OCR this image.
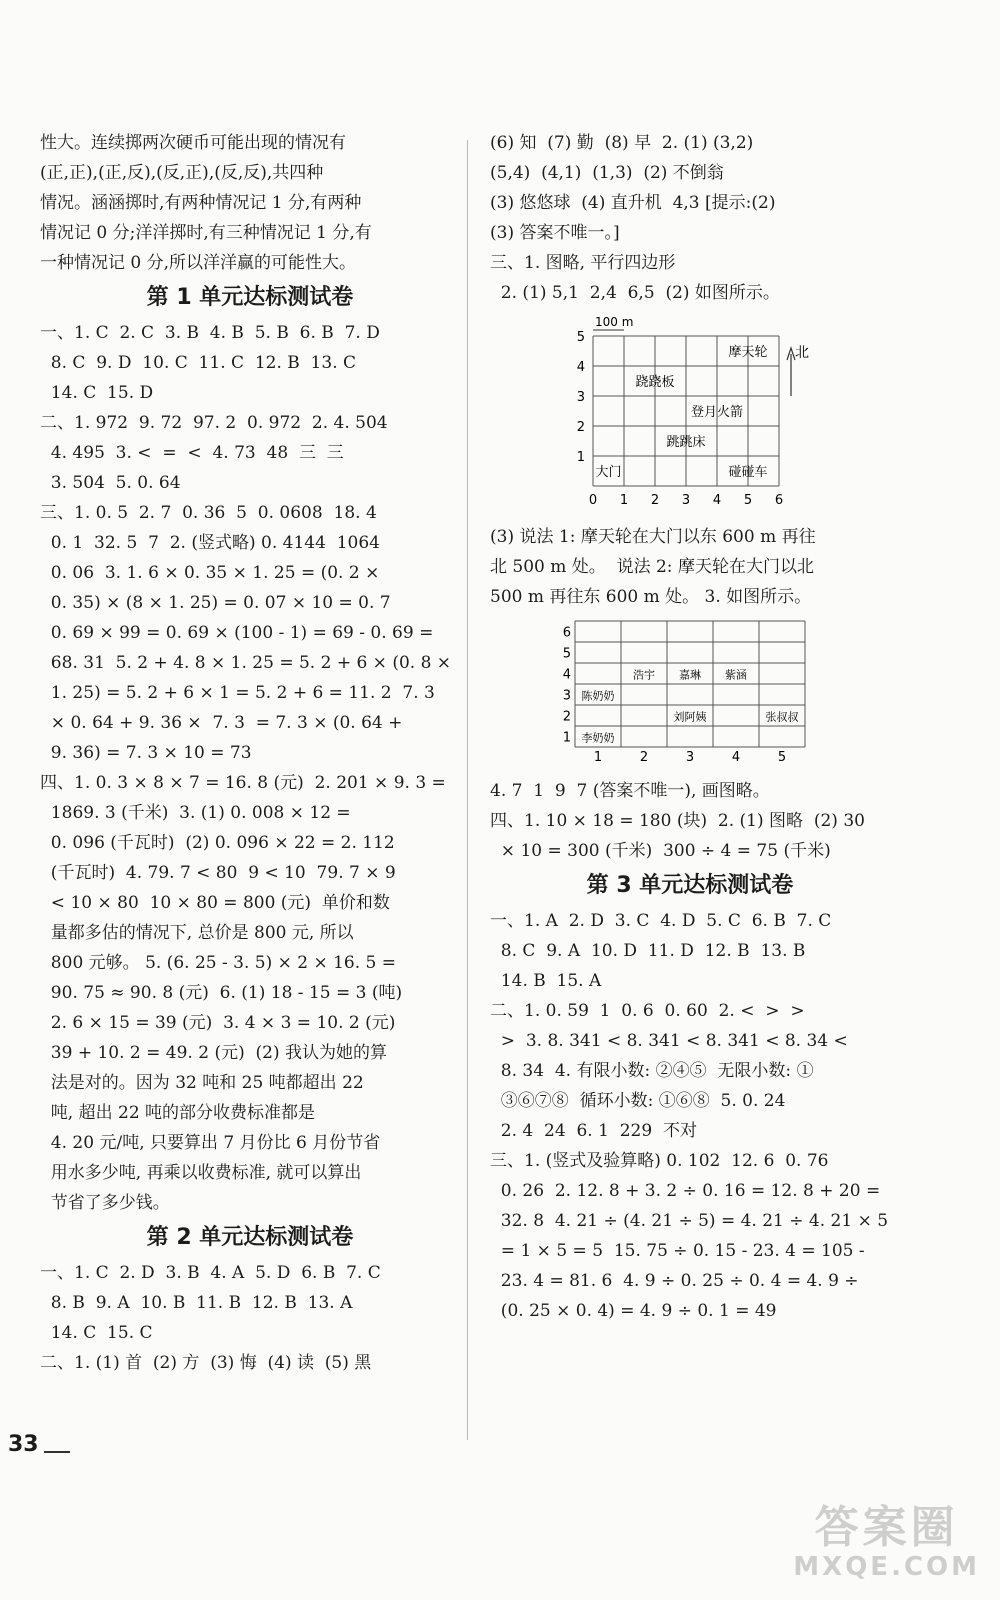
性大。连续掷两次硬币可能出现的情况有
(正,正),(正,反),(反,正),(反,反),共四种
情况。涵涵掷时,有两种情况记 1 分,有两种
情况记 0 分;洋洋掷时,有三种情况记 1 分,有
一种情况记 0 分,所以洋洋赢的可能性大。
第 1 单元达标测试卷
一、1. C  2. C  3. B  4. B  5. B  6. B  7. D
8. C  9. D  10. C  11. C  12. B  13. C
14. C  15. D
二、1. 972  9. 72  97. 2  0. 972  2. 4. 504
4. 495  3. <  =  <  4. 73  48  三  三
3. 504  5. 0. 64
三、1. 0. 5  2. 7  0. 36  5  0. 0608  18. 4
0. 1  32. 5  7  2. (竖式略) 0. 4144  1064
0. 06  3. 1. 6 × 0. 35 × 1. 25 = (0. 2 ×
0. 35) × (8 × 1. 25) = 0. 07 × 10 = 0. 7
0. 69 × 99 = 0. 69 × (100 - 1) = 69 - 0. 69 =
68. 31  5. 2 + 4. 8 × 1. 25 = 5. 2 + 6 × (0. 8 ×
1. 25) = 5. 2 + 6 × 1 = 5. 2 + 6 = 11. 2  7. 3
× 0. 64 + 9. 36 ×  7. 3  = 7. 3 × (0. 64 +
9. 36) = 7. 3 × 10 = 73
四、1. 0. 3 × 8 × 7 = 16. 8 (元)  2. 201 × 9. 3 =
1869. 3 (千米)  3. (1) 0. 008 × 12 =
0. 096 (千瓦时)  (2) 0. 096 × 22 = 2. 112
(千瓦时)  4. 79. 7 < 80  9 < 10  79. 7 × 9
< 10 × 80  10 × 80 = 800 (元)  单价和数
量都多估的情况下, 总价是 800 元, 所以
800 元够。 5. (6. 25 - 3. 5) × 2 × 16. 5 =
90. 75 ≈ 90. 8 (元)  6. (1) 18 - 15 = 3 (吨)
2. 6 × 15 = 39 (元)  3. 4 × 3 = 10. 2 (元)
39 + 10. 2 = 49. 2 (元)  (2) 我认为她的算
法是对的。因为 32 吨和 25 吨都超出 22
吨, 超出 22 吨的部分收费标准都是
4. 20 元/吨, 只要算出 7 月份比 6 月份节省
用水多少吨, 再乘以收费标准, 就可以算出
节省了多少钱。
第 2 单元达标测试卷
一、1. C  2. D  3. B  4. A  5. D  6. B  7. C
8. B  9. A  10. B  11. B  12. B  13. A
14. C  15. C
二、1. (1) 首  (2) 方  (3) 悔  (4) 读  (5) 黑
(6) 知  (7) 勤  (8) 早  2. (1) (3,2)
(5,4)  (4,1)  (1,3)  (2) 不倒翁
(3) 悠悠球  (4) 直升机  4,3 [提示:(2)
(3) 答案不唯一。]
三、1. 图略, 平行四边形
2. (1) 5,1  2,4  6,5  (2) 如图所示。
0 1 2 3 4 5 6
1
2
3
4
5
100 m
北
摩天轮
跷跷板
登月火箭
跳跳床
大门	碰碰车
(3) 说法 1: 摩天轮在大门以东 600 m 再往
北 500 m 处。  说法 2: 摩天轮在大门以北
500 m 再往东 600 m 处。 3. 如图所示。
1	2	3	4	5
1
2
3
4
5
6
浩宇 嘉琳 紫涵
陈奶奶
刘阿姨	张叔叔
李奶奶
4. 7  1  9  7 (答案不唯一), 画图略。
四、1. 10 × 18 = 180 (块)  2. (1) 图略  (2) 30
× 10 = 300 (千米)  300 ÷ 4 = 75 (千米)
第 3 单元达标测试卷
一、1. A  2. D  3. C  4. D  5. C  6. B  7. C
8. C  9. A  10. D  11. D  12. B  13. B
14. B  15. A
二、1. 0. 59  1  0. 6  0. 60  2. <  >  >
>  3. 8. 341 < 8. 341 < 8. 341 < 8. 34 <
8. 34  4. 有限小数: ②④⑤  无限小数: ①
③⑥⑦⑧  循环小数: ①⑥⑧  5. 0. 24
2. 4  24  6. 1  229  不对
三、1. (竖式及验算略) 0. 102  12. 6  0. 76
0. 26  2. 12. 8 + 3. 2 ÷ 0. 16 = 12. 8 + 20 =
32. 8  4. 21 ÷ (4. 21 ÷ 5) = 4. 21 ÷ 4. 21 × 5
= 1 × 5 = 5  15. 75 ÷ 0. 15 - 23. 4 = 105 -
23. 4 = 81. 6  4. 9 ÷ 0. 25 ÷ 0. 4 = 4. 9 ÷
(0. 25 × 0. 4) = 4. 9 ÷ 0. 1 = 49
33
答案圈
MXQE.COM
